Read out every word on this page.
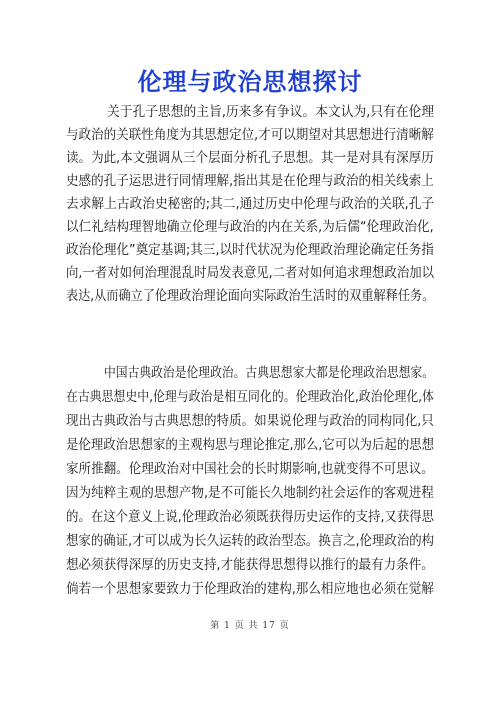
伦理与政治思想探讨
关于孔子思想的主旨,历来多有争议。本文认为,只有在伦理
与政治的关联性角度为其思想定位,才可以期望对其思想进行清晰解
读。为此,本文强调从三个层面分析孔子思想。其一是对具有深厚历
史感的孔子运思进行同情理解,指出其是在伦理与政治的相关线索上
去求解上古政治史秘密的;其二,通过历史中伦理与政治的关联,孔子
以仁礼结构理智地确立伦理与政治的内在关系,为后儒“伦理政治化,
政治伦理化”奠定基调;其三,以时代状况为伦理政治理论确定任务指
向,一者对如何治理混乱时局发表意见,二者对如何追求理想政治加以
表达,从而确立了伦理政治理论面向实际政治生活时的双重解释任务。
中国古典政治是伦理政治。古典思想家大都是伦理政治思想家。
在古典思想史中,伦理与政治是相互同化的。伦理政治化,政治伦理化,体
现出古典政治与古典思想的特质。如果说伦理与政治的同构同化,只
是伦理政治思想家的主观构思与理论推定,那么,它可以为后起的思想
家所推翻。伦理政治对中国社会的长时期影响,也就变得不可思议。
因为纯粹主观的思想产物,是不可能长久地制约社会运作的客观进程
的。在这个意义上说,伦理政治必须既获得历史运作的支持,又获得思
想家的确证,才可以成为长久运转的政治型态。换言之,伦理政治的构
想必须获得深厚的历史支持,才能获得思想得以推行的最有力条件。
倘若一个思想家要致力于伦理政治的建构,那么相应地也必须在觉解
第 1 页 共 17 页
